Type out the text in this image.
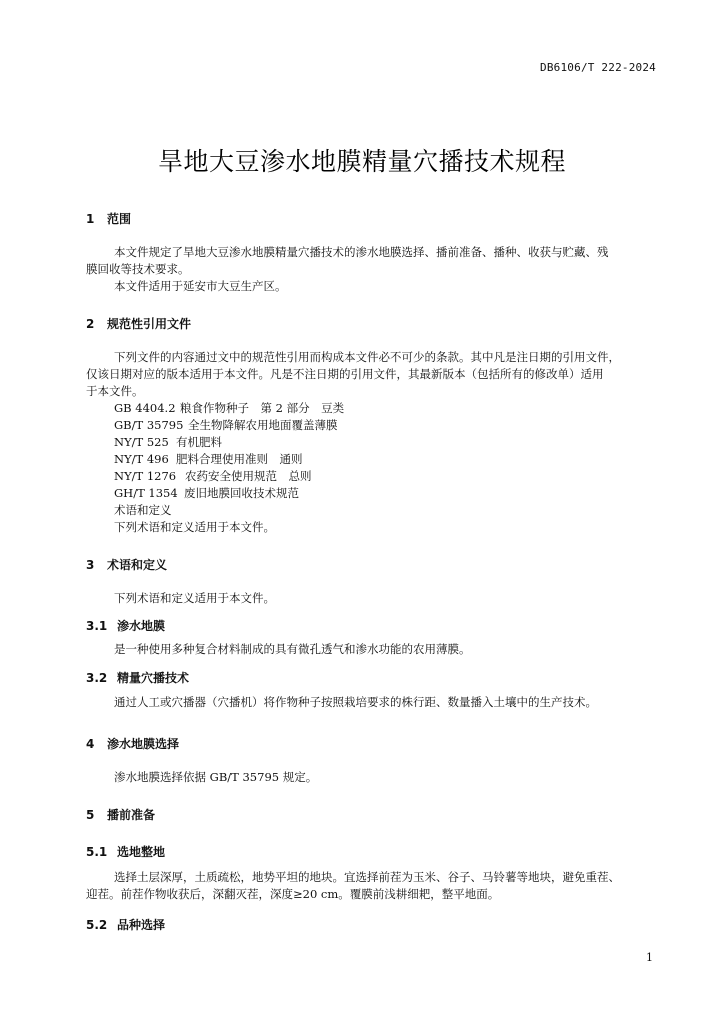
DB6106/T 222-2024
旱地大豆渗水地膜精量穴播技术规程
1 范围
本文件规定了旱地大豆渗水地膜精量穴播技术的渗水地膜选择、播前准备、播种、收获与贮藏、残
膜回收等技术要求。
本文件适用于延安市大豆生产区。
2 规范性引用文件
下列文件的内容通过文中的规范性引用而构成本文件必不可少的条款。其中凡是注日期的引用文件，
仅该日期对应的版本适用于本文件。凡是不注日期的引用文件，其最新版本（包括所有的修改单）适用
于本文件。
GB 4404.2 粮食作物种子　第 2 部分　豆类
GB/T 35795 全生物降解农用地面覆盖薄膜
NY/T 525 有机肥料
NY/T 496 肥料合理使用准则　通则
NY/T 1276 农药安全使用规范　总则
GH/T 1354 废旧地膜回收技术规范
术语和定义
下列术语和定义适用于本文件。
3 术语和定义
下列术语和定义适用于本文件。
3.1 渗水地膜
是一种使用多种复合材料制成的具有微孔透气和渗水功能的农用薄膜。
3.2 精量穴播技术
通过人工或穴播器（穴播机）将作物种子按照栽培要求的株行距、数量播入土壤中的生产技术。
4 渗水地膜选择
渗水地膜选择依据 GB/T 35795 规定。
5 播前准备
5.1 选地整地
选择土层深厚，土质疏松，地势平坦的地块。宜选择前茬为玉米、谷子、马铃薯等地块，避免重茬、
迎茬。前茬作物收获后，深翻灭茬，深度≥20 cm。覆膜前浅耕细耙，整平地面。
5.2 品种选择
1
